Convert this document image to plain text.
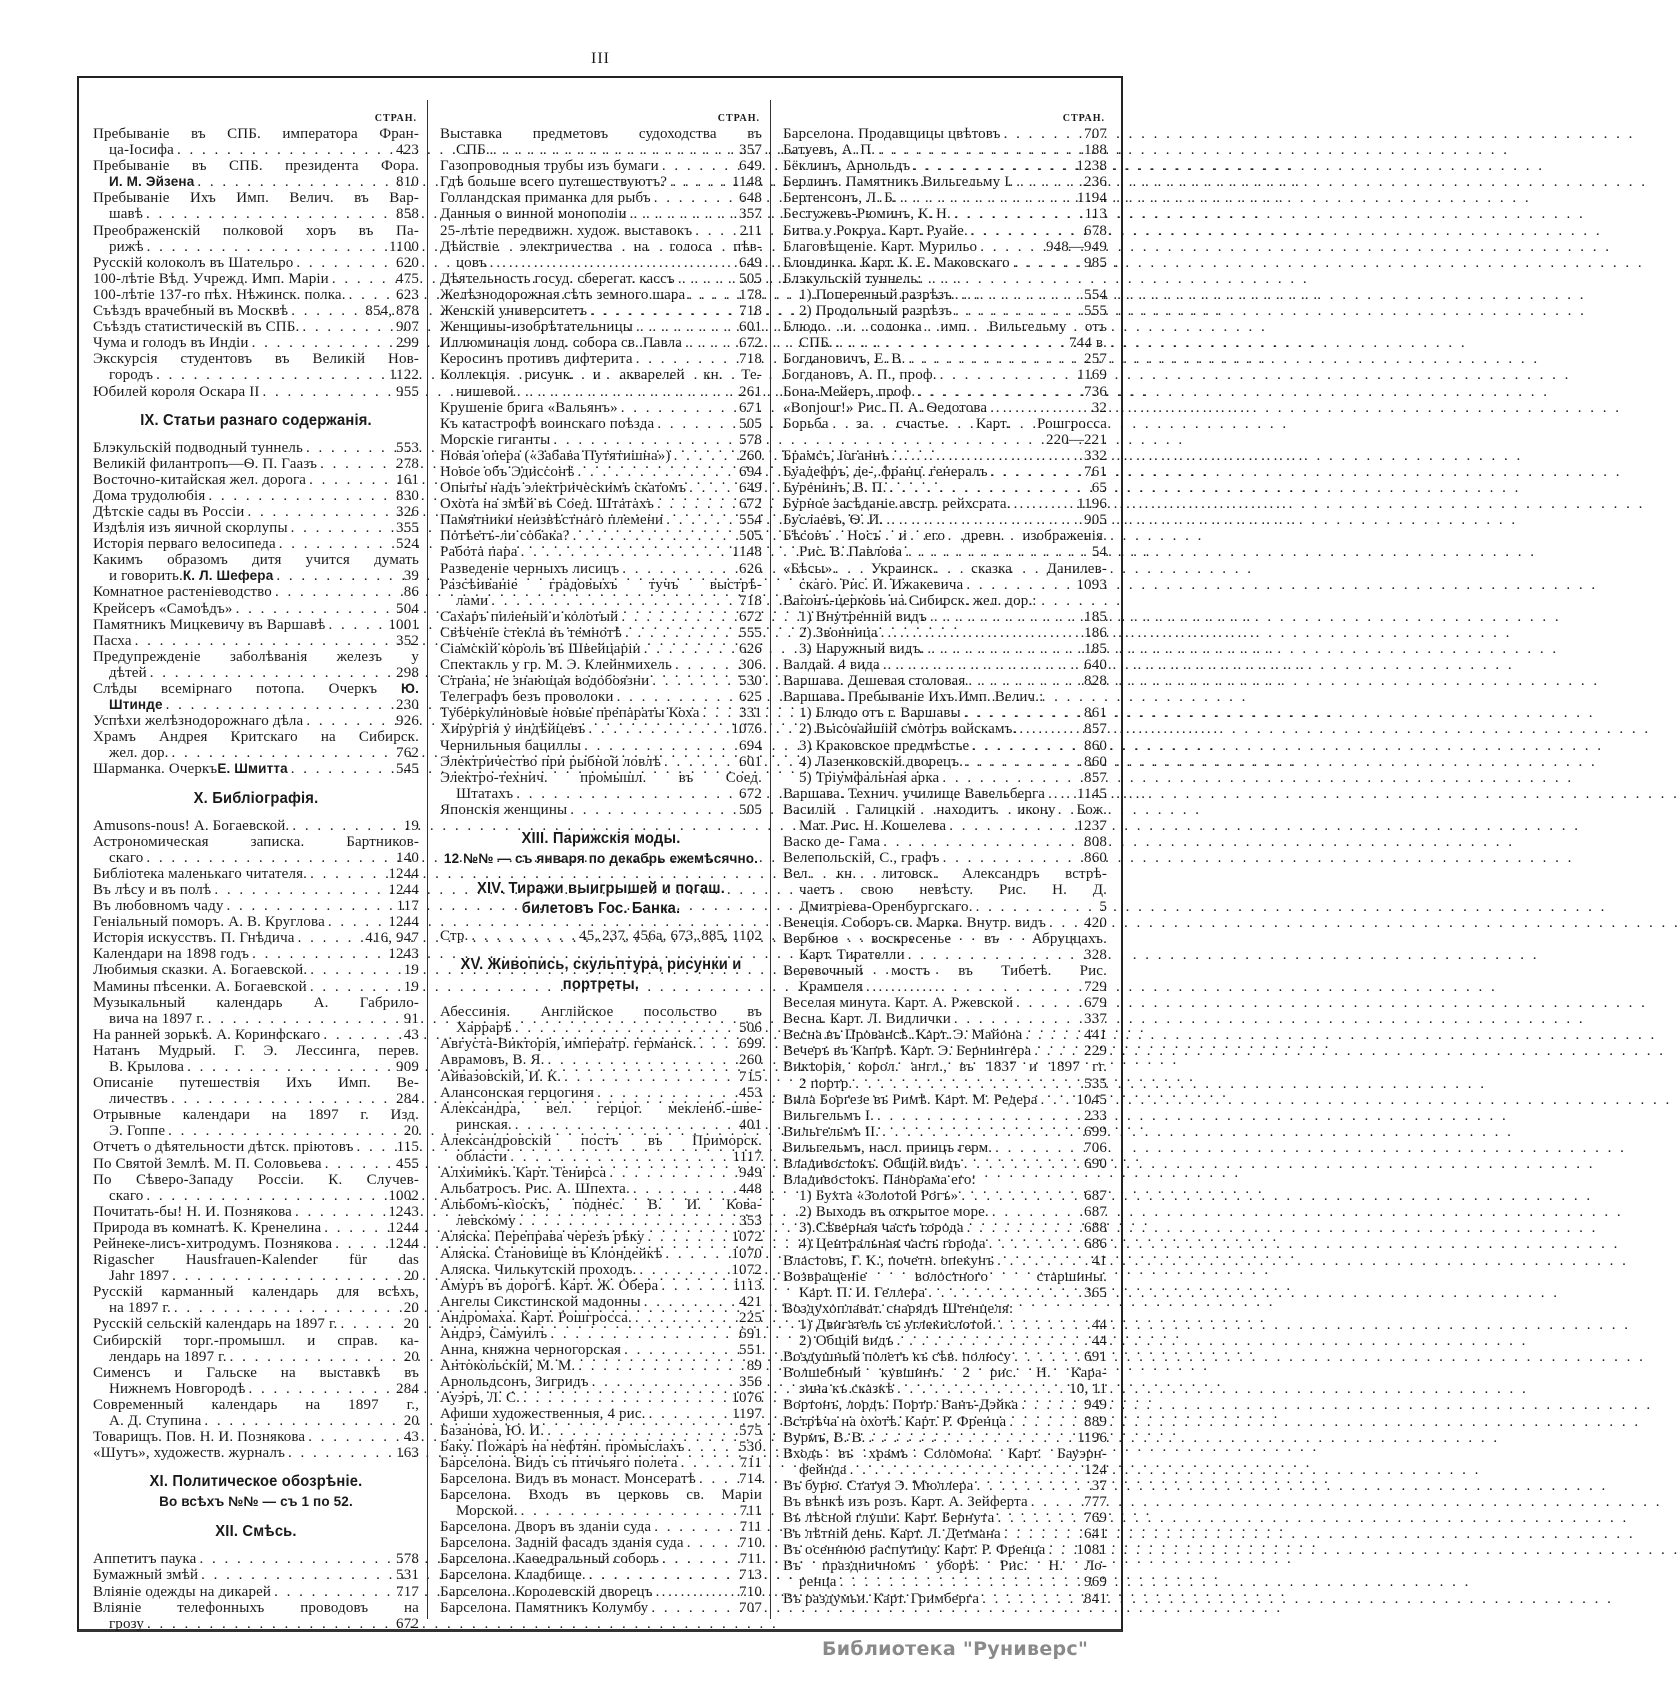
III
СТРАН.
Пребываніе въ СПБ. императора Фран-
ца-Іосифа . . .	423
Пребываніе въ СПБ. президента Фора.
И. М. Эйзена . . .	810
Пребываніе Ихъ Имп. Велич. въ Вар-
шавѣ . . .	858
Преображенскій полковой хоръ въ Па-
рижѣ . . .	1100
Русскій колоколъ въ Шательро . . .	620
100-лѣтіе Вѣд. Учрежд. Имп. Маріи . . .	475
100-лѣтіе 137-го пѣх. Нѣжинск. полка. . . .	623
Съѣздъ врачебный въ Москвѣ . . .	854, 878
Съѣздъ статистическій въ СПБ. . . .	907
Чума и голодъ въ Индіи . . .	299
Экскурсія студентовъ въ Великій Нов-
городъ . . .	1122
Юбилей короля Оскара II . . .	955
IX. Статьи разнаго содержанія.
Блэкульскій подводный туннель . . .	553
Великій филантропъ—Ѳ. П. Гаазъ . . .	278
Восточно-китайская жел. дорога . . .	161
Дома трудолюбія . . .	830
Дѣтскіе сады въ Россіи . . .	326
Издѣлія изъ яичной скорлупы . . .	355
Исторія перваго велосипеда . . .	524
Какимъ образомъ дитя учится думать
и говорить. К. Л. Шефера . . .	39
Комнатное растеніеводство . . .	86
Крейсеръ «Самоѣдъ» . . .	504
Памятникъ Мицкевичу въ Варшавѣ . . .	1001
Пасха . . .	352
Предупрежденіе заболѣванія железъ у
дѣтей . . .	298
Слѣды всемірнаго потопа. Очеркъ Ю.
Штинде . . .	230
Успѣхи желѣзнодорожнаго дѣла . . .	926
Храмъ Андрея Критскаго на Сибирск.
жел. дор. . . .	762
Шарманка. Очеркъ Е. Шмитта . . .	545
X. Библіографія.
Amusons-nous! А. Богаевской. . . .	19
Астрономическая записка. Бартников-
скаго . . .	140
Библіотека маленькаго читателя. . . .	1244
Въ лѣсу и въ полѣ . . .	1244
Въ любовномъ чаду . . .	117
Геніальный поморъ. А. В. Круглова . . .	1244
Исторія искусствъ. П. Гнѣдича . . .	416, 947
Календари на 1898 годъ . . .	1243
Любимыя сказки. А. Богаевской. . . .	19
Мамины пѣсенки. А. Богаевской . . .	19
Музыкальный календарь А. Габрило-
вича на 1897 г. . . .	91
На ранней зорькѣ. А. Коринфскаго . . .	43
Натанъ Мудрый. Г. Э. Лессинга, перев.
В. Крылова . . .	909
Описаніе путешествія Ихъ Имп. Ве-
личествъ . . .	284
Отрывные календари на 1897 г. Изд.
Э. Гоппе . . .	20
Отчетъ о дѣятельности дѣтск. пріютовъ . . .	115
По Святой Землѣ. М. П. Соловьева . . .	455
По Сѣверо-Западу Россіи. К. Случев-
скаго . . .	1002
Почитать-бы! Н. И. Познякова . . .	1243
Природа въ комнатѣ. К. Кренелина . . .	1244
Рейнеке-лисъ-хитродумъ. Познякова . . .	1244
Rigascher Hausfrauen-Kalender für das
Jahr 1897 . . .	20
Русскій карманный календарь для всѣхъ,
на 1897 г. . . .	20
Русскій сельскій календарь на 1897 г. . . .	20
Сибирскій торг.-промышл. и справ. ка-
лендарь на 1897 г. . . .	20
Сименсъ и Гальске на выставкѣ въ
Нижнемъ Новгородѣ . . .	284
Современный календарь на 1897 г.,
А. Д. Ступина . . .	20
Товарищъ. Пов. Н. И. Познякова . . .	43
«Шутъ», художеств. журналъ . . .	163
XI. Политическое обозрѣніе.
Во всѣхъ №№ — съ 1 по 52.
XII. Смѣсь.
Аппетитъ паука . . .	578
Бумажный змѣй . . .	531
Вліяніе одежды на дикарей . . .	717
Вліяніе телефонныхъ проводовъ на
грозу . . .	672
СТРАН.
Выставка предметовъ судоходства въ
СПБ. . . .	357
Газопроводныя трубы изъ бумаги . . .	649
Гдѣ больше всего путешествуютъ? . . .	1148
Голландская приманка для рыбъ . . .	648
Данныя о винной монополіи . . .	357
25-лѣтіе передвижн. худож. выставокъ . . .	211
Дѣйствіе электричества на голоса пѣв-
цовъ . . .	649
Дѣятельность госуд. сберегат. кассъ . . .	505
Желѣзнодорожная сѣть земного шара . . .	178
Женскій университетъ . . .	718
Женщины-изобрѣтательницы . . .	601
Иллюминація лонд. собора св. Павла . . .	672
Керосинъ противъ дифтерита . . .	718
Коллекція рисунк. и акварелей кн. Те-
нишевой . . .	261
Крушеніе брига «Вальянъ» . . .	671
Къ катастрофѣ воинскаго поѣзда . . .	505
Морскіе гиганты . . .	578
Новая опера («Забава Путятишна») . . .	260
Новое объ Эдиссонѣ . . .	694
Опыты надъ электрическимъ скатомъ . . .	649
Охота на змѣй въ Соед. Штатахъ . . .	672
Памятники неизвѣстнаго племени . . .	554
Потѣетъ-ли собака? . . .	505
Работа пара . . .	1148
Разведеніе черныхъ лисицъ . . .	626
Разсѣиваніе градовыхъ тучъ выстрѣ-
лами . . .	718
Сахаръ пиленый и колотый . . .	672
Свѣченіе стекла въ темнотѣ . . .	555
Сіамскій король въ Швейцаріи . . .	626
Спектакль у гр. М. Э. Клейнмихель . . .	306
Страна, не знающая водобоязни . . .	530
Телеграфъ безъ проволоки . . .	625
Туберкулиновые новые препараты Коха . . .	331
Хирургія у индѣйцевъ . . .	1076
Чернильныя бациллы . . .	694
Электричество при рыбной ловлѣ . . .	601
Электро-технич. промышл. въ Соед.
Штатахъ . . .	672
Японскія женщины . . .	505
XIII. Парижскія моды.
12 №№ — съ января по декабрь ежемѣсячно.
XIV. Тиражи выигрышей и погаш. билетовъ Гос. Банка.
Стр. . . .	45, 237, 456а, 673, 885, 1102
XV. Живопись, скульптура, рисунки и портреты.
Абессинія. Англійское посольство въ
Харрарѣ . . .	506
Августа-Викторія, императр. германск. . . .	699
Аврамовъ, В. Я. . . .	260
Айвазовскій, И. К. . . .	715
Алансонская герцогиня . . .	453
Александра, вел. герцог. мекленб.-шве-
ринская. . . .	401
Александровскій постъ въ Приморск.
области . . .	1117
Алхимикъ. Карт. Тенирса . . .	949
Альбатросъ. Рис. А. Шпехта. . . .	448
Альбомъ-кіоскъ, поднес. В. И. Кова-
левскому . . .	353
Аляска. Переправа черезъ рѣку . . .	1072
Аляска. Становище въ Клондейкѣ . . .	1070
Аляска. Чилькутскій проходъ. . . .	1072
Амуръ въ дорогѣ. Карт. Ж. Обера . . .	1113
Ангелы Сикстинской мадонны . . .	421
Андромаха. Карт. Рошгросса. . . .	225
Андрэ, Самуилъ . . .	691
Анна, княжна черногорская . . .	551
Антокольскій, М. М. . . .	89
Арнольдсонъ, Зигридъ . . .	356
Ауэръ, Л. С. . . .	1076
Афиши художественныя, 4 рис. . . .	1197
Базанова, Ю. И. . . .	575
Баку. Пожаръ на нефтян. промыслахъ . . .	530
Барселона. Видъ съ птичьяго полета . . .	711
Барселона. Видъ въ монаст. Монсератѣ . . .	714
Барселона. Входъ въ церковь св. Маріи
Морской. . . .	711
Барселона. Дворъ въ зданіи суда . . .	711
Барселона. Задній фасадъ зданія суда . . .	710
Барселона. Каѳедральный соборъ . . .	711
Барселона. Кладбище. . . .	713
Барселона. Королевскій дворецъ . . .	710
Барселона. Памятникъ Колумбу . . .	707
СТРАН.
Барселона. Продавщицы цвѣтовъ . . .	707
Батуевъ, А. П. . . .	188
Бёклинъ, Арнольдъ . . .	1238
Берлинъ. Памятникъ Вильгельму I. . . .	236
Бертенсонъ, Л. Б. . . .	1194
Бестужевъ-Рюминъ, К. Н. . . .	113
Битва у Рокруа. Карт. Руайе. . . .	678
Благовѣщеніе. Карт. Мурильо . . .	948—949
Блондинка. Карт. К. Е. Маковскаго . . .	985
Блэкульскій туннель:
1) Поперечный разрѣзъ . . .	554
2) Продольный разрѣзъ . . .	555
Блюдо и солонка имп. Вильгельму отъ
СПБ. . . .	744 в.
Богдановичъ, Е. В. . . .	257
Богдановъ, А. П., проф. . . .	1169
Бона-Мейеръ, проф. . . .	736
«Bonjour!» Рис. П. А. Ѳедотова . . .	32
Борьба за счастье. Карт. Рошгросса
220—221
Брамсъ, Іоганнъ . . .	332
Буадефръ, де-, франц. генералъ . . .	761
Буренинъ, В. П. . . .	65
Бурное засѣданіе австр. рейхсрата. . . .	1196
Буслаевъ, Ѳ. И. . . .	905
Бѣсовъ Носъ и его древн. изображенія.
Рис. В. Павлова . . .	54
«Бѣсы». Украинск. сказка Данилев-
скаго. Рис. И. Ижакевича . . .	1093
Вагонъ-церковь на Сибирск. жел. дор.:
1) Внутренній видъ . . .	185
2) Звонница . . .	186
3) Наружный видъ. . . .	185
Валдай. 4 вида . . .	640
Варшава. Дешевая столовая . . .	828
Варшава. Пребываніе Ихъ Имп. Велич.:
1) Блюдо отъ г. Варшавы . . .	861
2) Высочайшій смотръ войскамъ. . . .	857
3) Краковское предмѣстье . . .	860
4) Лазенковскій дворецъ. . . .	860
5) Тріумфальная арка . . .	857
Варшава. Технич. училище Вавельберга . . . 1145
Василій Галицкій находитъ икону Бож.
Мат. Рис. Н. Кошелева . . .	1237
Васко де- Гама . . .	808
Велепольскій, С., графъ . . .	860
Вел. кн. литовск. Александръ встрѣ-
чаетъ свою невѣсту. Рис. Н. Д.
Дмитріева-Оренбургскаго. . . .	5
Венеція. Соборъ св. Марка. Внутр. видъ . . .	420
Вербное воскресенье въ Абруццахъ.
Карт. Тирателли . . .	328
Веревочный мостъ въ Тибетѣ. Рис.
Крампеля . . .	729
Веселая минута. Карт. А. Ржевской . . .	679
Весна. Карт. Л. Видлички . . .	337
Весна въ Провансѣ. Карт. Э. Майона . . .	441
Вечеръ въ Капрѣ. Карт. Э. Бернингера . . .	229
Викторія, корол. англ., въ 1837 и 1897 гг.
2 портр. . . .	535
Вила Боргезе въ Римѣ. Карт. М. Редера . . .	1045
Вильгельмъ I. . . .	233
Вильгельмъ II. . . .	699
Вильгельмъ, насл. принцъ герм. . . .	706
Владивостокъ. Общій видъ . . .	690
Владивостокъ. Панорама его:
1) Бухта «Золотой Рогъ» . . .	687
2) Выходъ въ открытое море. . . .	687
3) Сѣверная часть города . . .	688
4) Центральная часть города . . .	686
Властовъ, Г. К., почетн. опекунъ . . .	41
Возвращеніе волостного старшины.
Карт. П. И. Геллера . . .	365
Воздухоплават. снарядъ Штенцеля:
1) Двигатель съ углекислотой. . . .	44
2) Общій видъ . . .	44
Воздушный полетъ къ сѣв. полюсу . . .	691
Волшебный кувшинъ. 2 рис. Н. Кара-
зина къ сказкѣ . . .	10, 11
Вортонъ, лордъ. Портр. Ванъ-Дэйка . . .	949
Встрѣча на охотѣ. Карт. Р. Френца . . .	889
Вурмъ, В. В. . . .	1196
Входъ въ храмъ Соломона. Карт. Бауэрн-
фейнда . . .	124
Въ бурю. Статуя Э. Мюллера . . .	37
Въ вѣнкѣ изъ розъ. Карт. А. Зейферта . . .	777
Въ лѣсной глуши. Карт. Бернута . . .	769
Въ лѣтній день. Карт. Л. Детмана . . .	641
Въ осеннюю распутицу. Карт. Р. Френца . . . 1081
Въ праздничномъ уборѣ. Рис. Н. Ло-
ренца . . .	969
Въ раздумьи. Карт. Гримберга . . .	841
Библиотека "Руниверс"
